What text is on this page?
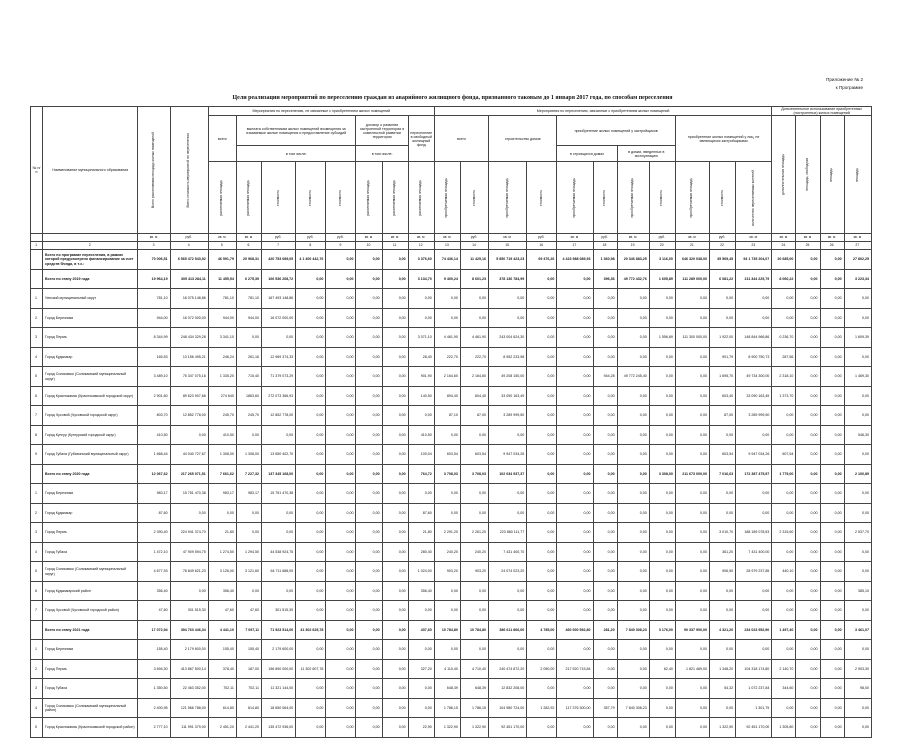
Приложение № 2
к Программе
Цели реализации мероприятий по переселению граждан из аварийного жилищного фонда, признанного таковым до 1 января 2017 года, по способам переселения
№ п/п	Наименование муниципального образования	Всего расселяемая площадь жилых помещений	Всего стоимость мероприятий по переселению	Мероприятия по переселению, не связанные с приобретением жилых помещений								Мероприятия по переселению, связанные с приобретением жилых помещений											Дополнительное использование приобретенных (построенных) жилых помещений			
				всего	выплата собственникам жилых помещений возмещения за изымаемые жилые помещения и предоставление субсидий				договор о развитии застроенной территории и комплексной развитии территории		переселение в свободный жилищный фонд	всего		строительство домов		приобретение жилых помещений у застройщиков				приобретение жилых помещений у лиц, не являющихся застройщиками			дополнительная площадь	площадь, свободная	площадь	площадь

					в том числе:				в том числе:							в строящихся домах		в домах, введенных в эксплуатацию								

				расселяемая площадь	расселяемая площадь	стоимость	стоимость	стоимость	расселяемая площадь	расселяемая площадь	расселяемая площадь	приобретаемая площадь	стоимость	приобретаемая площадь	стоимость	приобретаемая площадь	стоимость	приобретаемая площадь	стоимость	приобретаемая площадь	стоимость	количество переселяемых жителей				

		кв. м	руб.	кв. м	кв. м	руб.	руб.	руб.	кв. м	кв. м	кв. м	кв. м	руб.	кв. м	руб.	кв. м	руб.	кв. м	руб.	кв. м	руб.	кв. м	кв. м	кв. м	кв. м	кв. м
1	2	3	4	5	6	7	8	9	10	11	12	13	14	15	16	17	18	19	20	21	22	23	24	25	26	27
	Всего по программе переселения, в рамках которой предусмотрено финансирование за счет средств Фонда, в т.ч.:	70 006,51	6 565 472 543,92	46 591,79	20 968,31	420 753 089,05	4 1 400 442,76	0,00	0,00	0,00	3 376,60	74 436,14	11 425,16	5 850 719 423,23	69 476,26	4 423 988 089,93	1 360,98	20 346 883,25	3 116,00	646 320 038,00	35 569,45	94 1 735 204,07	20 685,00	0,00	0,00	27 802,25
	Всего по этапу 2019 года	19 964,19	305 413 284,11	11 455,54	6 275,39	106 536 208,72	0,00	0,00	0,00	0,00	3 134,70	9 400,24	8 601,23	378 136 784,99	0,00	0,00	396,36	49 772 432,76	1 605,89	111 289 000,00	6 081,22	211 344 225,79	8 060,22	0,00	0,00	3 223,34
1	Уинский муниципальный округ	781,10	16 075 148,86	781,10	781,10	167 493 148,86	0,00	0,00	0,00	0,00	0,00	0,00	0,00	0,00	0,00	0,00	0,00	0,00	0,00	0,00	0,00	0,00	0,00	0,00	0,00	0,00
2	Город Березники	944,00	16 072 000,00	944,00	944,00	16 072 000,00	0,00	0,00	0,00	0,00	0,00	0,00	0,00	0,00	0,00	0,00	0,00	0,00	0,00	0,00	0,00	0,00	0,00	0,00	0,00	0,00
3	Город Пермь	8 344,99	248 434 329,28	3 341,10	0,00	0,00	0,00	0,00	0,00	0,00	3 071,10	4 461,90	4 461,90	243 004 624,30	0,00	0,00	0,00	0,00	1 556,89	111 300 000,00	1 922,00	148 844 966,86	0 236,70	0,00	0,00	1 609,39
4	Город Кудымкар	165,53	13 156 495,21	246,24	261,16	12 969 374,33	0,00	0,00	0,00	0,00	28,40	222,70	222,70	8 952 233,98	0,00	0,00	0,00	0,00	0,00	0,00	901,79	8 900 750,73	287,56	0,00	0,00	0,00
5	Город Соликамск (Соликамский муниципальный округ)	3 489,10	75 347 075,16	1 335,20	715,40	71 379 073,29	0,00	0,00	0,00	0,00	901,90	2 164,60	2 164,60	49 208 150,00	0,00	0,00	944,28	49 772 245,40	0,00	0,00	1 695,70	49 734 300,00	2 318,10	0,00	0,00	1 469,30
6	Город Краснокамск (Краснокамский городской округ)	2 901,60	89 623 907,66	274 640	1863,60	272 073 366,93	0,00	0,00	0,00	0,00	140,50	894,40	604,40	33 090 163,49	0,00	0,00	0,00	0,00	0,00	0,00	603,40	33 090 163,49	1 373,70	0,00	0,00	0,00
7	Город Чусовой (Чусовской городской округ)	803,70	12 852 778,00	245,70	245,70	12 852 778,00	0,00	0,00	0,00	0,00	0,00	87,10	87,00	3 289 999,50	0,00	0,00	0,00	0,00	0,00	0,00	87,00	3 289 999,50	0,00	0,00	0,00	0,00
8	Город Кунгур (Кунгурский городской округ)	410,50	0,00	410,50	0,00	0,00	0,00	0,00	0,00	0,00	410,50	0,00	0,00	0,00	0,00	0,00	0,00	0,00	0,00	0,00	0,00	0,00	0,00	0,00	0,00	546,30
9	Город Губаха (Губахинский муниципальный округ)	1 668,44	44 040 727,67	1 308,00	1 308,00	13 650 402,70	0,00	0,00	0,00	0,00	100,04	603,54	603,54	9 947 034,26	0,00	0,00	0,00	0,00	0,00	0,00	603,54	9 947 034,26	607,54	0,00	0,00	0,00
	Всего по этапу 2020 года	12 067,62	217 265 071,51	7 661,62	7 227,32	137 345 168,00	0,00	0,00	0,00	0,00	764,72	3 708,03	3 708,03	102 034 937,37	0,00	0,00	0,00	0,00	3 308,00	211 673 000,00	7 016,63	172 387 475,97	1 779,00	0,00	0,00	2 100,89
1	Город Березники	983,17	15 751 470,38	983,17	983,17	15 751 470,38	0,00	0,00	0,00	0,00	0,00	0,00	0,00	0,00	0,00	0,00	0,00	0,00	0,00	0,00	0,00	0,00	0,00	0,00	0,00	0,00
2	Город Кудымкар	87,60	0,00	0,00	0,00	0,00	0,00	0,00	0,00	0,00	87,60	0,00	0,00	0,00	0,00	0,00	0,00	0,00	0,00	0,00	0,00	0,00	0,00	0,00	0,00	0,00
3	Город Пермь	2 390,40	224 941 374,70	21,80	0,00	0,00	0,00	0,00	0,00	0,00	21,80	2 291,20	2 261,20	223 880 111,77	0,00	0,00	0,00	0,00	0,00	0,00	3 010,70	188 189 078,53	2 315,60	0,00	0,00	2 537,70
4	Город Губаха	1 472,10	47 909 594,75	1 274,50	1 294,50	44 538 924,75	0,00	0,00	0,00	0,00	280,40	240,20	240,20	7 431 400,70	0,00	0,00	0,00	0,00	0,00	0,00	361,20	7 431 400,00	0,00	0,00	0,00	0,00
5	Город Соликамск (Соликамский муниципальный округ)	4 677,93	78 849 621,23	3 126,00	3 121,60	64 711 688,00	0,00	0,00	0,00	0,00	1 024,00	903,20	903,20	24 074 023,20	0,00	0,00	0,00	0,00	0,00	0,00	906,50	28 979 237,85	440,10	0,00	0,00	0,00
6	Город Кудымкарский район	356,40	0,00	356,40	0,00	0,00	0,00	0,00	0,00	0,00	356,40	0,00	0,00	0,00	0,00	0,00	0,00	0,00	0,00	0,00	0,00	0,00	0,00	0,00	0,00	385,10
7	Город Чусовой (Чусовской городской район)	47,60	301 515,30	47,60	47,60	301 515,30	0,00	0,00	0,00	0,00	0,00	0,00	0,00	0,00	0,00	0,00	0,00	0,00	0,00	0,00	0,00	0,00	0,00	0,00	0,00	0,00
	Всего по этапу 2021 года	17 072,94	394 763 446,34	4 441,10	7 097,11	71 923 514,00	41 302 625,78	0,00	0,00	0,00	437,60	10 784,80	10 784,80	386 611 866,00	4 785,00	460 000 592,80	281,20	7 840 308,23	3 176,00	90 337 900,00	4 321,20	234 023 952,90	1 497,40	0,00	0,00	3 461,07
1	Город Березники	155,40	2 179 600,00	155,40	155,40	2 179 600,00	0,00	0,00	0,00	0,00	0,00	0,00	0,00	0,00	0,00	0,00	0,00	0,00	0,00	0,00	0,00	0,00	0,00	0,00	0,00	0,00
2	Город Пермь	3 694,30	413 867 500,14	378,40	187,00	196 890 000,00	11 302 607,78	0,00	0,00	0,00	327,20	4 110,40	4 710,40	240 474 872,20	2 050,00	217 520 715,84	0,00	0,00	62,40	1 821 489,00	1 348,20	104 318 174,80	2 140,70	0,00	0,00	2 903,30
3	Город Губаха	1 350,50	22 463 352,00	702,11	702,11	11 321 144,00	0,00	0,00	0,00	0,00	0,00	648,39	648,39	12 832 208,00	0,00	0,00	0,00	0,00	0,00	0,00	54,32	1 072 237,84	344,60	0,00	0,00	98,00
4	Город Соликамск (Соликамский муниципальный район)	2 400,95	121 566 788,00	614,80	614,80	18 650 064,00	0,00	0,00	0,00	0,00	0,00	1 786,15	1 786,15	104 980 724,00	1 282,92	117 376 300,00	357,79	7 840 308,23	0,00	0,00	0,00	1 301,75	0,00	0,00	0,00	0,00
5	Город Краснокамск (Краснокамский городской район)	2 777,10	111 991 379,00	2 451,20	2 441,20	135 472 936,00	0,00	0,00	0,00	0,00	22,90	1 322,90	1 322,90	92 451 170,00	0,00	0,00	0,00	0,00	0,00	0,00	1 322,90	92 451 170,00	1 305,80	0,00	0,00	0,00
